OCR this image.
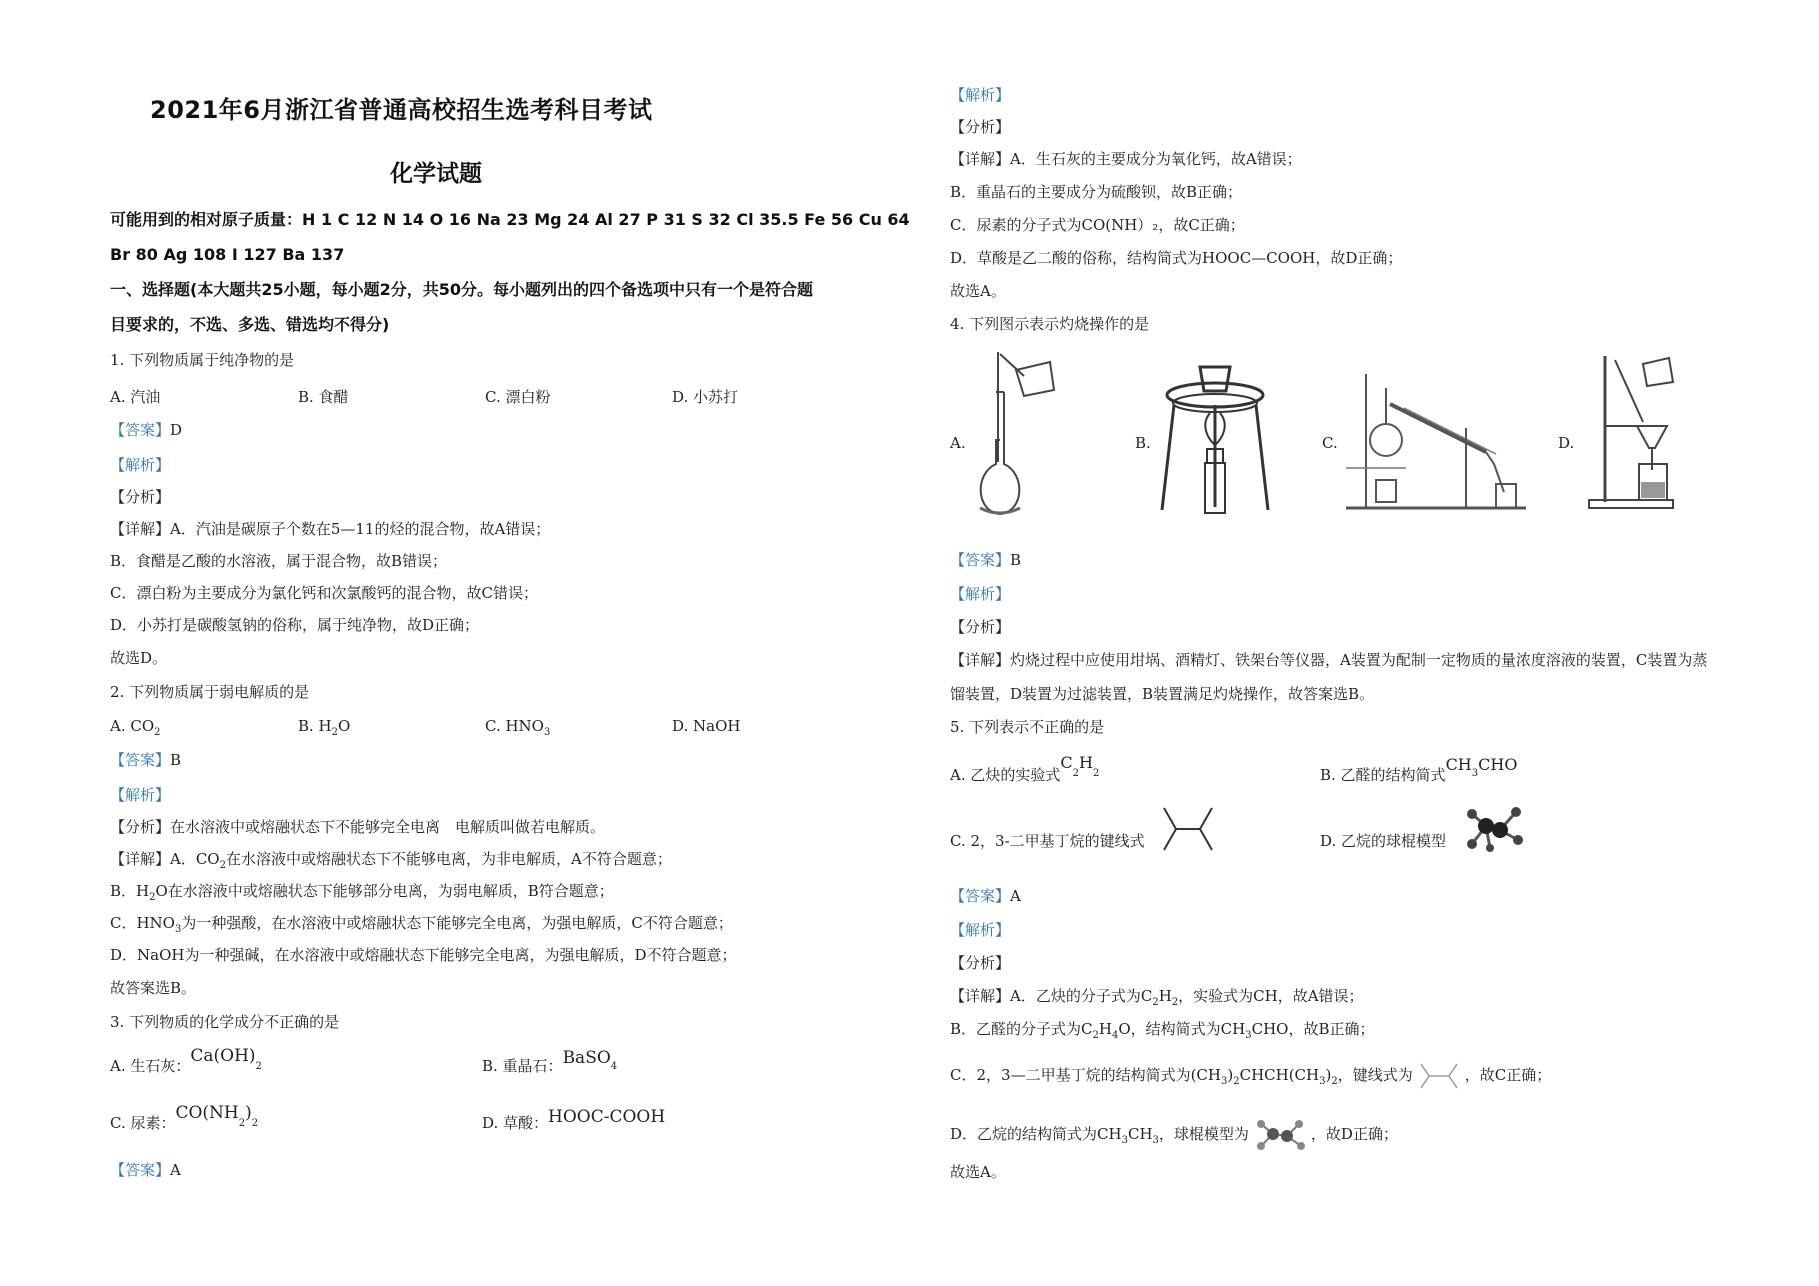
2021年6月浙江省普通高校招生选考科目考试
化学试题
可能用到的相对原子质量：H 1 C 12 N 14 O 16 Na 23 Mg 24 Al 27 P 31 S 32 Cl 35.5 Fe 56 Cu 64
Br 80 Ag 108 I 127 Ba 137
一、选择题(本大题共25小题，每小题2分，共50分。每小题列出的四个备选项中只有一个是符合题
目要求的，不选、多选、错选均不得分)
1. 下列物质属于纯净物的是
A. 汽油	B. 食醋	C. 漂白粉	D. 小苏打
【答案】D
【解析】
【分析】
【详解】A．汽油是碳原子个数在5—11的烃的混合物，故A错误；
B．食醋是乙酸的水溶液，属于混合物，故B错误；
C．漂白粉为主要成分为氯化钙和次氯酸钙的混合物，故C错误；
D．小苏打是碳酸氢钠的俗称，属于纯净物，故D正确；
故选D。
2. 下列物质属于弱电解质的是
A. $CO_2$	B. $H_2O$	C. $HNO_3$	D. NaOH
【答案】B
【解析】
【分析】在水溶液中或熔融状态下不能够完全电离　电解质叫做若电解质。
【详解】A．$CO_2$在水溶液中或熔融状态下不能够电离，为非电解质，A不符合题意；
B．$H_2O$在水溶液中或熔融状态下能够部分电离，为弱电解质，B符合题意；
C．$HNO_3$为一种强酸，在水溶液中或熔融状态下能够完全电离，为强电解质，C不符合题意；
D．NaOH为一种强碱，在水溶液中或熔融状态下能够完全电离，为强电解质，D不符合题意；
故答案选B。
3. 下列物质的化学成分不正确的是
A. 生石灰：$Ca(OH)_2$	B. 重晶石：BaSO$_4$
C. 尿素：$CO(NH_2)_2$	D. 草酸：HOOC-COOH
【答案】A
【解析】
【分析】
【详解】A．生石灰的主要成分为氧化钙，故A错误；
B．重晶石的主要成分为硫酸钡，故B正确；
C．尿素的分子式为CO(NH）₂，故C正确；
D．草酸是乙二酸的俗称，结构简式为HOOC—COOH，故D正确；
故选A。
4. 下列图示表示灼烧操作的是
A.	B.	C.	D.
【答案】B
【解析】
【分析】
【详解】灼烧过程中应使用坩埚、酒精灯、铁架台等仪器，A装置为配制一定物质的量浓度溶液的装置，C装置为蒸
馏装置，D装置为过滤装置，B装置满足灼烧操作，故答案选B。
5. 下列表示不正确的是
A. 乙炔的实验式$C_2H_2$	B. 乙醛的结构简式$CH_3CHO$
C. 2，3-二甲基丁烷的键线式	D. 乙烷的球棍模型
【答案】A
【解析】
【分析】
【详解】A．乙炔的分子式为$C_2H_2$，实验式为CH，故A错误；
B．乙醛的分子式为$C_2H_4O$，结构简式为$CH_3CHO$，故B正确；
C．2，3—二甲基丁烷的结构简式为$(CH_3)_2CHCH(CH_3)_2$，键线式为	，故C正确；
D．乙烷的结构简式为$CH_3CH_3$，球棍模型为	，故D正确；
故选A。
